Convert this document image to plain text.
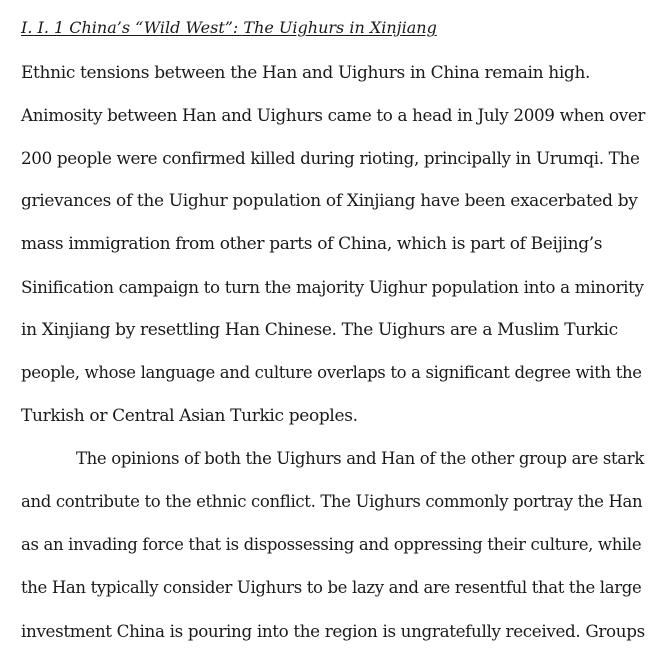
I. I. 1 China’s “Wild West”: The Uighurs in Xinjiang
Ethnic tensions between the Han and Uighurs in China remain high.
Animosity between Han and Uighurs came to a head in July 2009 when over
200 people were confirmed killed during rioting, principally in Urumqi. The
grievances of the Uighur population of Xinjiang have been exacerbated by
mass immigration from other parts of China, which is part of Beijing’s
Sinification campaign to turn the majority Uighur population into a minority
in Xinjiang by resettling Han Chinese. The Uighurs are a Muslim Turkic
people, whose language and culture overlaps to a significant degree with the
Turkish or Central Asian Turkic peoples.
The opinions of both the Uighurs and Han of the other group are stark
and contribute to the ethnic conflict. The Uighurs commonly portray the Han
as an invading force that is dispossessing and oppressing their culture, while
the Han typically consider Uighurs to be lazy and are resentful that the large
investment China is pouring into the region is ungratefully received. Groups
